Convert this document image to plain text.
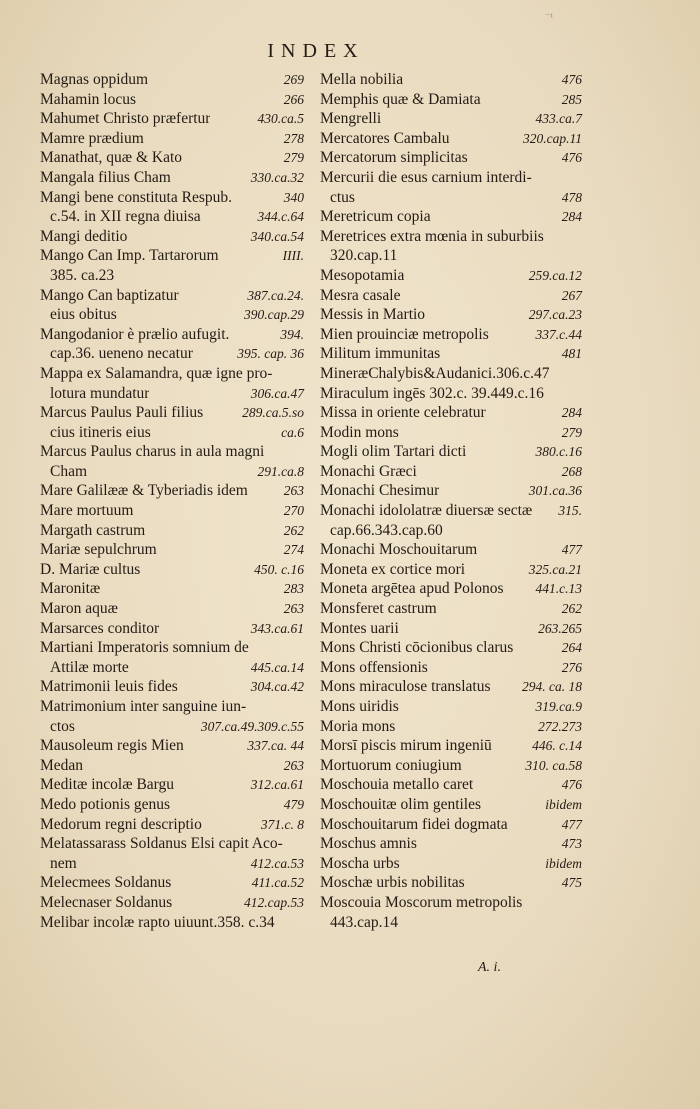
⁻¹
INDEX
Magnas oppidum	269
Mahamin locus	266
Mahumet Christo præfertur	430.ca.5
Mamre prædium	278
Manathat, quæ & Kato	279
Mangala filius Cham	330.ca.32
Mangi bene constituta Respub.	340
c.54. in XII regna diuisa	344.c.64
Mangi deditio	340.ca.54
Mango Can Imp. Tartarorum	IIII.
385. ca.23
Mango Can baptizatur	387.ca.24.
eius obitus	390.cap.29
Mangodanior è prælio aufugit.	394.
cap.36. ueneno necatur	395. cap. 36
Mappa ex Salamandra, quæ igne pro-
lotura mundatur	306.ca.47
Marcus Paulus Pauli filius	289.ca.5.so
cius itineris eius	ca.6
Marcus Paulus charus in aula magni
Cham	291.ca.8
Mare Galilææ & Tyberiadis idem	263
Mare mortuum	270
Margath castrum	262
Mariæ sepulchrum	274
D. Mariæ cultus	450. c.16
Maronitæ	283
Maron aquæ	263
Marsarces conditor	343.ca.61
Martiani Imperatoris somnium de
Attilæ morte	445.ca.14
Matrimonii leuis fides	304.ca.42
Matrimonium inter sanguine iun-
ctos	307.ca.49.309.c.55
Mausoleum regis Mien	337.ca. 44
Medan	263
Meditæ incolæ Bargu	312.ca.61
Medo potionis genus	479
Medorum regni descriptio	371.c. 8
Melatassarass Soldanus Elsi capit Aco-
nem	412.ca.53
Melecmees Soldanus	411.ca.52
Melecnaser Soldanus	412.cap.53
Melibar incolæ rapto uiuunt.358. c.34
Mella nobilia	476
Memphis quæ & Damiata	285
Mengrelli	433.ca.7
Mercatores Cambalu	320.cap.11
Mercatorum simplicitas	476
Mercurii die esus carnium interdi-
ctus	478
Meretricum copia	284
Meretrices extra mœnia in suburbiis
320.cap.11
Mesopotamia	259.ca.12
Mesra casale	267
Messis in Martio	297.ca.23
Mien prouinciæ metropolis	337.c.44
Militum immunitas	481
MineræChalybis&Audanici.306.c.47
Miraculum ingēs 302.c. 39.449.c.16
Missa in oriente celebratur	284
Modin mons	279
Mogli olim Tartari dicti	380.c.16
Monachi Græci	268
Monachi Chesimur	301.ca.36
Monachi idololatræ diuersæ sectæ 315.
cap.66.343.cap.60
Monachi Moschouitarum	477
Moneta ex cortice mori	325.ca.21
Moneta argētea apud Polonos 441.c.13
Monsferet castrum	262
Montes uarii	263.265
Mons Christi cōcionibus clarus	264
Mons offensionis	276
Mons miraculose translatus 294. ca. 18
Mons uiridis	319.ca.9
Moria mons	272.273
Morsī piscis mirum ingeniū	446. c.14
Mortuorum coniugium	310. ca.58
Moschouia metallo caret	476
Moschouitæ olim gentiles	ibidem
Moschouitarum fidei dogmata	477
Moschus amnis	473
Moscha urbs	ibidem
Moschæ urbis nobilitas	475
Moscouia Moscorum metropolis
443.cap.14
A. i.
